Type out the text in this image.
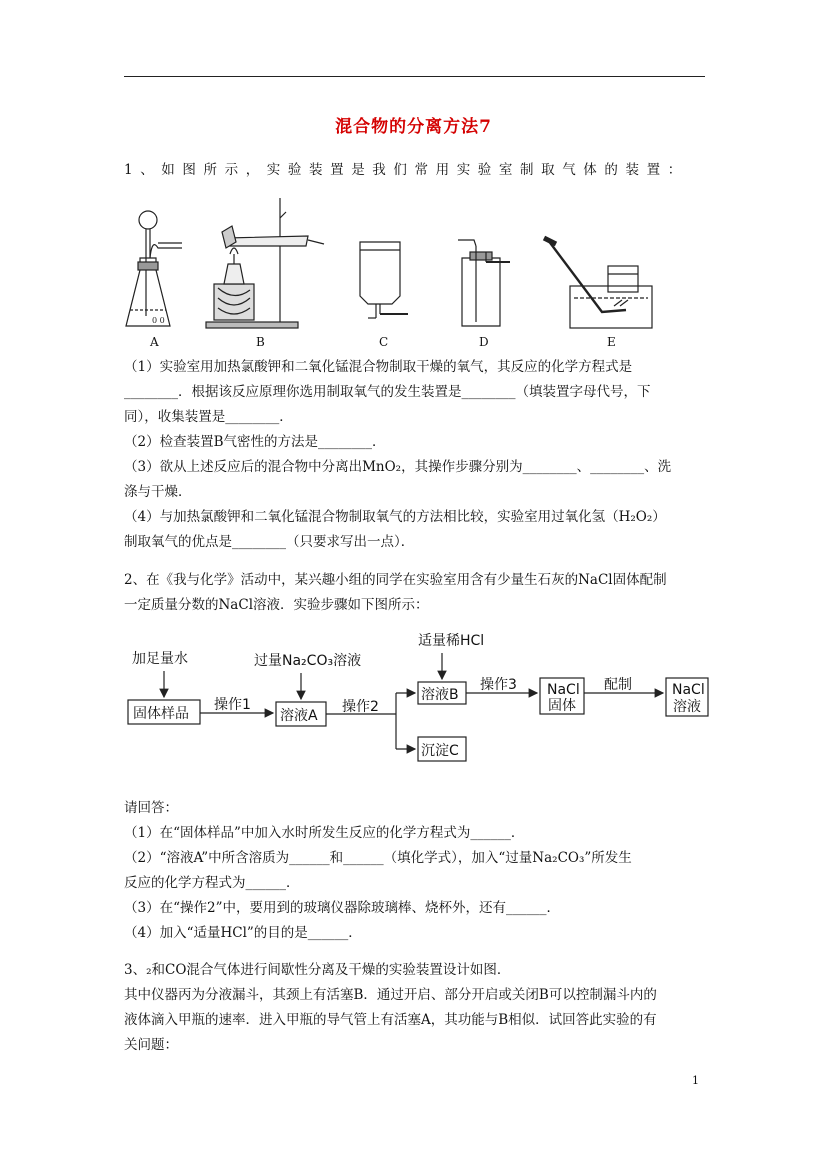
混合物的分离方法7
1、如图所示，实验装置是我们常用实验室制取气体的装置：
0 0
A	B	C	D	E
（1）实验室用加热氯酸钾和二氧化锰混合物制取干燥的氧气，其反应的化学方程式是
________．根据该反应原理你选用制取氧气的发生装置是________（填装置字母代号，下
同），收集装置是________．
（2）检查装置B气密性的方法是________．
（3）欲从上述反应后的混合物中分离出MnO₂，其操作步骤分别为________、________、洗
涤与干燥．
（4）与加热氯酸钾和二氧化锰混合物制取氧气的方法相比较，实验室用过氧化氢（H₂O₂）
制取氧气的优点是________（只要求写出一点）．
2、在《我与化学》活动中，某兴趣小组的同学在实验室用含有少量生石灰的NaCl固体配制
一定质量分数的NaCl溶液．实验步骤如下图所示：
加足量水	过量Na₂CO₃溶液
适量稀HCl
固体样品
操作1
溶液A
操作2
溶液B
沉淀C
操作3 NaCl
固体
配制	NaCl
溶液
请回答：
（1）在“固体样品”中加入水时所发生反应的化学方程式为______．
（2）“溶液A”中所含溶质为______和______（填化学式），加入“过量Na₂CO₃”所发生
反应的化学方程式为______．
（3）在“操作2”中，要用到的玻璃仪器除玻璃棒、烧杯外，还有______．
（4）加入“适量HCl”的目的是______．
3、₂和CO混合气体进行间歇性分离及干燥的实验装置设计如图．
其中仪器丙为分液漏斗，其颈上有活塞B．通过开启、部分开启或关闭B可以控制漏斗内的
液体滴入甲瓶的速率．进入甲瓶的导气管上有活塞A，其功能与B相似．试回答此实验的有
关问题：
1
